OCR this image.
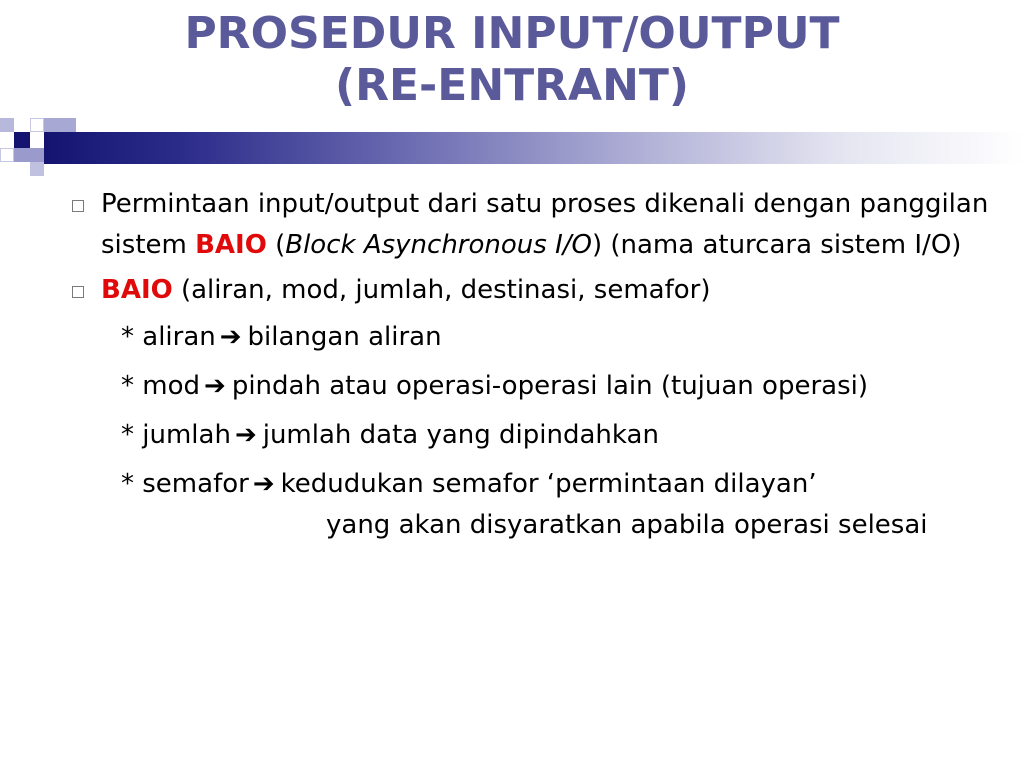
PROSEDUR INPUT/OUTPUT
(RE-ENTRANT)
Permintaan input/output dari satu proses dikenali dengan panggilan sistem BAIO (Block Asynchronous I/O) (nama aturcara sistem I/O)
BAIO (aliran, mod, jumlah, destinasi, semafor)
* aliran ➔ bilangan aliran
* mod ➔ pindah atau operasi-operasi lain (tujuan operasi)
* jumlah ➔ jumlah data yang dipindahkan
* semafor ➔ kedudukan semafor ‘permintaan dilayan’
yang akan disyaratkan apabila operasi selesai
